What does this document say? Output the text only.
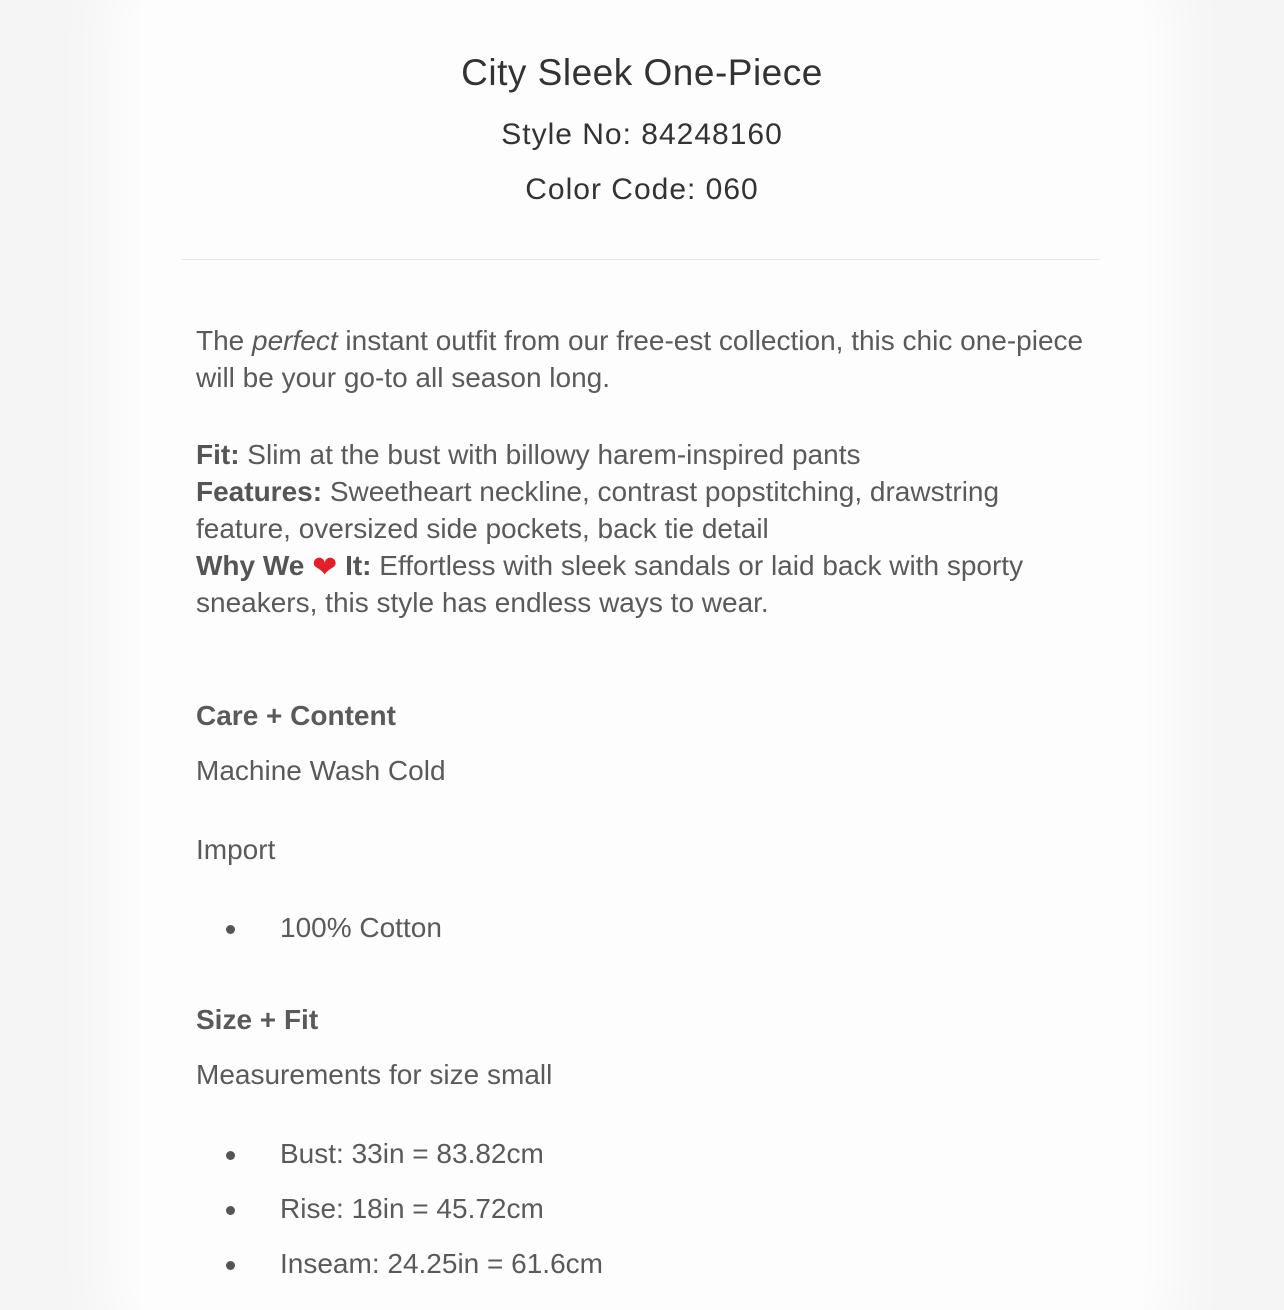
City Sleek One-Piece
Style No: 84248160
Color Code: 060

The perfect instant outfit from our free-est collection, this chic one-piece will be your go-to all season long.

Fit: Slim at the bust with billowy harem-inspired pants

Features: Sweetheart neckline, contrast popstitching, drawstring feature, oversized side pockets, back tie detail

Why We ❤ It: Effortless with sleek sandals or laid back with sporty sneakers, this style has endless ways to wear.

Care + Content
Machine Wash Cold
Import
100% Cotton
Size + Fit
Measurements for size small
Bust: 33in = 83.82cm
Rise: 18in = 45.72cm
Inseam: 24.25in = 61.6cm
